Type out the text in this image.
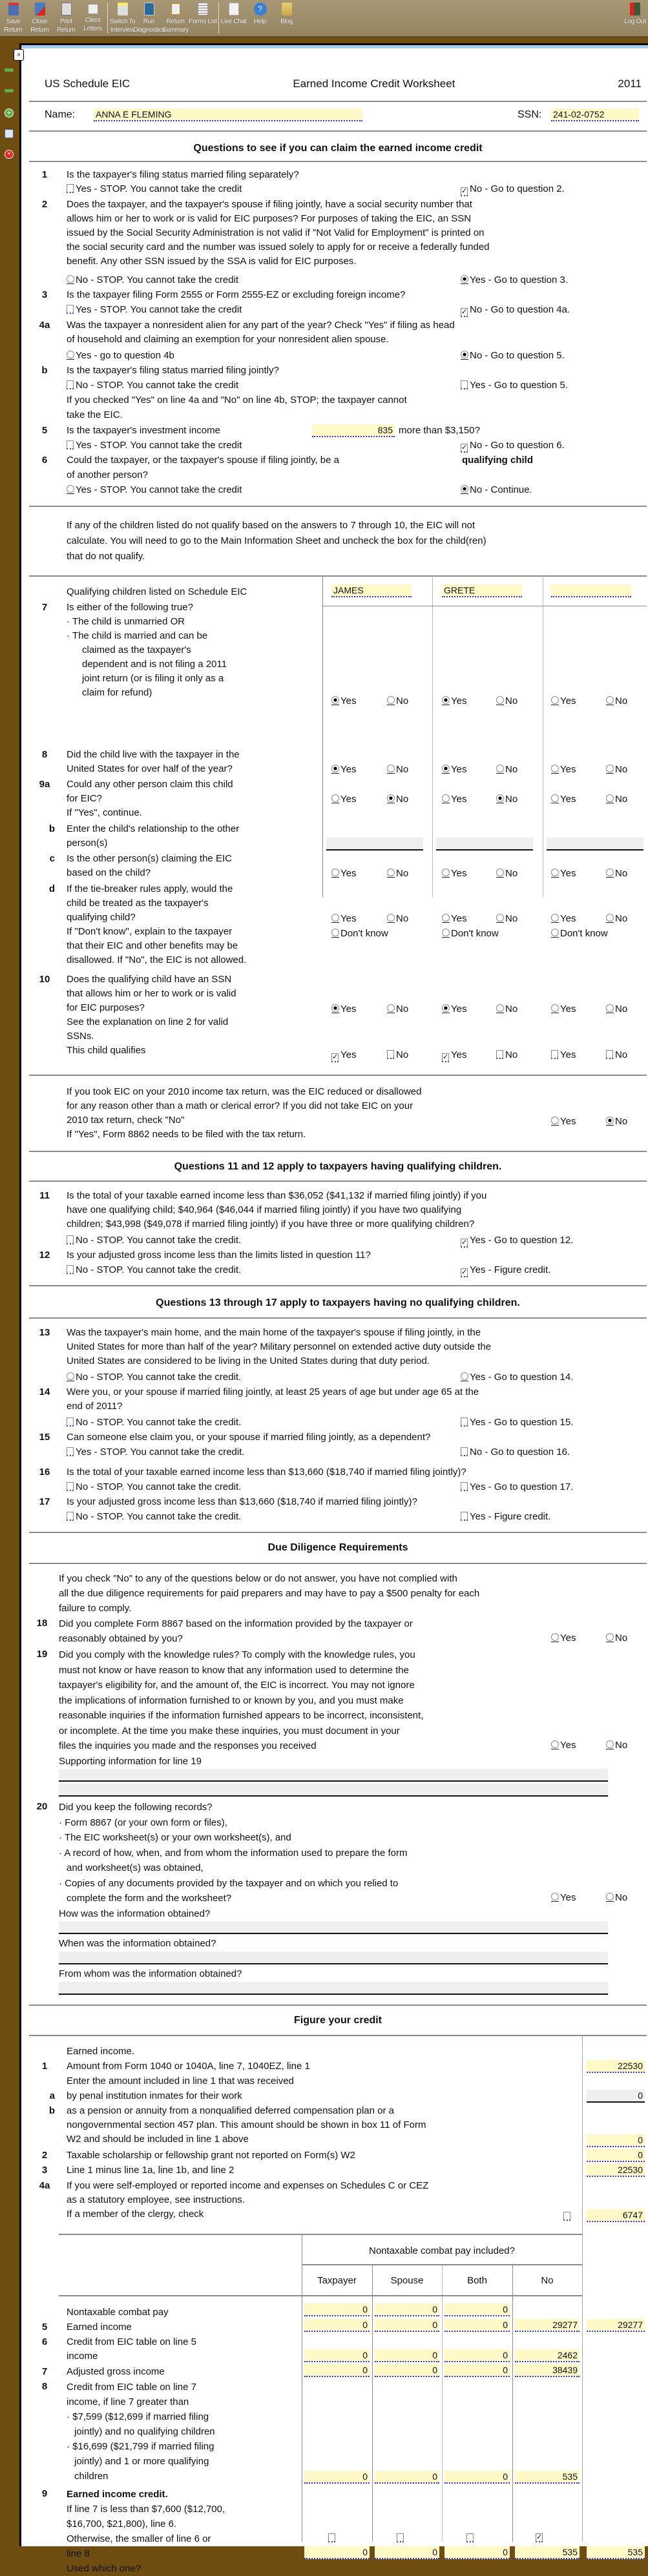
Save Return
Close Return
Print Return
Client Letters
Switch To Interview
Run Diagnostics
Return Summary
Forms List Live Chat
?
Help Blog	Log Out
+
×
»
US Schedule EIC	Earned Income Credit Worksheet	2011
Name: ANNA E FLEMING	SSN: 241-02-0752
Questions to see if you can claim the earned income credit
1	Is the taxpayer's filing status married filing separately?
Yes - STOP. You cannot take the credit	✓ No - Go to question 2.
2	Does the taxpayer, and the taxpayer's spouse if filing jointly, have a social security number that
allows him or her to work or is valid for EIC purposes? For purposes of taking the EIC, an SSN
issued by the Social Security Administration is not valid if "Not Valid for Employment" is printed on
the social security card and the number was issued solely to apply for or receive a federally funded
benefit. Any other SSN issued by the SSA is valid for EIC purposes.
No - STOP. You cannot take the credit	Yes - Go to question 3.
3	Is the taxpayer filing Form 2555 or Form 2555-EZ or excluding foreign income?
Yes - STOP. You cannot take the credit	✓ No - Go to question 4a.
4a	Was the taxpayer a nonresident alien for any part of the year? Check "Yes" if filing as head
of household and claiming an exemption for your nonresident alien spouse.
Yes - go to question 4b	No - Go to question 5.
b	Is the taxpayer's filing status married filing jointly?
No - STOP. You cannot take the credit	Yes - Go to question 5.
If you checked "Yes" on line 4a and "No" on line 4b, STOP; the taxpayer cannot
take the EIC.
5	Is the taxpayer's investment income	835 more than $3,150?
Yes - STOP. You cannot take the credit	✓ No - Go to question 6.
6	Could the taxpayer, or the taxpayer's spouse if filing jointly, be a	qualifying child
of another person?
Yes - STOP. You cannot take the credit	No - Continue.
If any of the children listed do not qualify based on the answers to 7 through 10, the EIC will not
calculate. You will need to go to the Main Information Sheet and uncheck the box for the child(ren)
that do not qualify.
Qualifying children listed on Schedule EIC	JAMES	GRETE
7	Is either of the following true?
· The child is unmarried OR
· The child is married and can be
claimed as the taxpayer's
dependent and is not filing a 2011
joint return (or is filing it only as a
claim for refund)
Yes	No	Yes	No	Yes	No
8	Did the child live with the taxpayer in the
United States for over half of the year?	Yes	No	Yes	No	Yes	No
9a	Could any other person claim this child
for EIC?
If "Yes", continue.
Yes	No	Yes	No	Yes	No
b Enter the child's relationship to the other
person(s)
c Is the other person(s) claiming the EIC
based on the child?	Yes	No	Yes	No	Yes	No
d If the tie-breaker rules apply, would the
child be treated as the taxpayer's
qualifying child?
If "Don't know", explain to the taxpayer
that their EIC and other benefits may be
disallowed. If "No", the EIC is not allowed.
Yes	No
Don't know
Yes	No
Don't know
Yes	No
Don't know
10	Does the qualifying child have an SSN
that allows him or her to work or is valid
for EIC purposes?
See the explanation on line 2 for valid
SSNs.
This child qualifies
Yes	No	Yes	No	Yes	No
✓ Yes	No	✓ Yes	No	Yes	No
If you took EIC on your 2010 income tax return, was the EIC reduced or disallowed
for any reason other than a math or clerical error? If you did not take EIC on your
2010 tax return, check "No"
If "Yes", Form 8862 needs to be filed with the tax return.
Yes	No
Questions 11 and 12 apply to taxpayers having qualifying children.
11	Is the total of your taxable earned income less than $36,052 ($41,132 if married filing jointly) if you
have one qualifying child; $40,964 ($46,044 if married filing jointly) if you have two qualifying
children; $43,998 ($49,078 if married filing jointly) if you have three or more qualifying children?
No - STOP. You cannot take the credit.	✓ Yes - Go to question 12.
12	Is your adjusted gross income less than the limits listed in question 11?
No - STOP. You cannot take the credit.	✓ Yes - Figure credit.
Questions 13 through 17 apply to taxpayers having no qualifying children.
13	Was the taxpayer's main home, and the main home of the taxpayer's spouse if filing jointly, in the
United States for more than half of the year? Military personnel on extended active duty outside the
United States are considered to be living in the United States during that duty period.
No - STOP. You cannot take the credit.	Yes - Go to question 14.
14	Were you, or your spouse if married filing jointly, at least 25 years of age but under age 65 at the
end of 2011?
No - STOP. You cannot take the credit.	Yes - Go to question 15.
15	Can someone else claim you, or your spouse if married filing jointly, as a dependent?
Yes - STOP. You cannot take the credit.	No - Go to question 16.
16	Is the total of your taxable earned income less than $13,660 ($18,740 if married filing jointly)?
No - STOP. You cannot take the credit.	Yes - Go to question 17.
17	Is your adjusted gross income less than $13,660 ($18,740 if married filing jointly)?
No - STOP. You cannot take the credit.	Yes - Figure credit.
Due Diligence Requirements
If you check "No" to any of the questions below or do not answer, you have not complied with
all the due diligence requirements for paid preparers and may have to pay a $500 penalty for each
failure to comply.
18	Did you complete Form 8867 based on the information provided by the taxpayer or
reasonably obtained by you?	Yes	No
19	Did you comply with the knowledge rules? To comply with the knowledge rules, you
must not know or have reason to know that any information used to determine the
taxpayer's eligibility for, and the amount of, the EIC is incorrect. You may not ignore
the implications of information furnished to or known by you, and you must make
reasonable inquiries if the information furnished appears to be incorrect, inconsistent,
or incomplete. At the time you make these inquiries, you must document in your
files the inquiries you made and the responses you received
Supporting information for line 19
Yes	No
20	Did you keep the following records?
· Form 8867 (or your own form or files),
· The EIC worksheet(s) or your own worksheet(s), and
· A record of how, when, and from whom the information used to prepare the form
and worksheet(s) was obtained,
· Copies of any documents provided by the taxpayer and on which you relied to
complete the form and the worksheet?
How was the information obtained?
Yes	No
When was the information obtained?
From whom was the information obtained?
Figure your credit
Earned income.
1	Amount from Form 1040 or 1040A, line 7, 1040EZ, line 1	22530
Enter the amount included in line 1 that was received
a by penal institution inmates for their work	0
b as a pension or annuity from a nonqualified deferred compensation plan or a
nongovernmental section 457 plan. This amount should be shown in box 11 of Form
W2 and should be included in line 1 above	0
2	Taxable scholarship or fellowship grant not reported on Form(s) W2	0
3	Line 1 minus line 1a, line 1b, and line 2	22530
4a	If you were self-employed or reported income and expenses on Schedules C or CEZ
as a statutory employee, see instructions.
If a member of the clergy, check	6747
Nontaxable combat pay included?
Taxpayer	Spouse	Both	No
Nontaxable combat pay	0	0	0
5	Earned income	0	0	0	29277	29277
6	Credit from EIC table on line 5
income	0	0	0	2462
7	Adjusted gross income	0	0	0	38439
8	Credit from EIC table on line 7
income, if line 7 greater than
· $7,599 ($12,699 if married filing
jointly) and no qualifying children
· $16,699 ($21,799 if married filing
jointly) and 1 or more qualifying
children	0	0	0	535
9	Earned income credit.
If line 7 is less than $7,600 ($12,700,
$16,700, $21,800), line 6.
Otherwise, the smaller of line 6 or
line 8
Used which one?
0	0	0	535	535
✓
